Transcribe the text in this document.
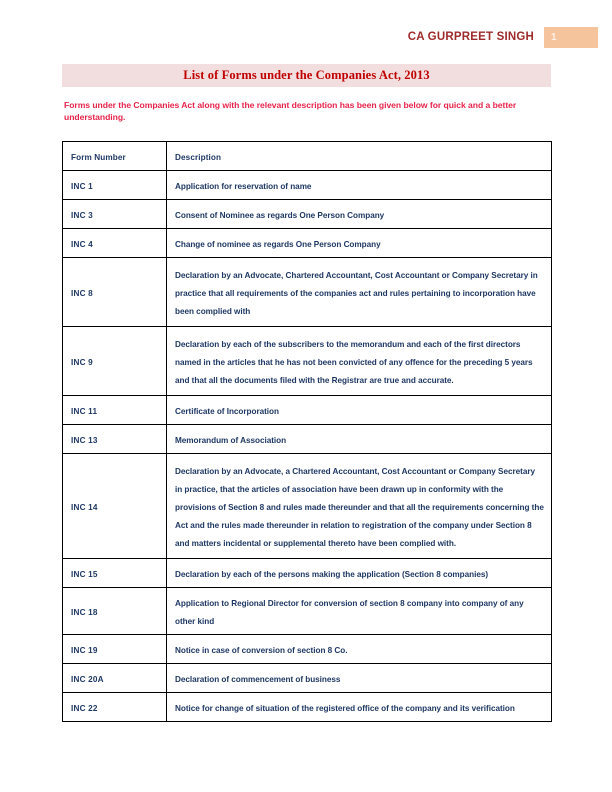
CA GURPREET SINGH	1
List of Forms under the Companies Act, 2013
Forms under the Companies Act along with the relevant description has been given below for quick and a better understanding.
Form Number	Description
INC 1	Application for reservation of name
INC 3	Consent of Nominee as regards One Person Company
INC 4	Change of nominee as regards One Person Company
INC 8	Declaration by an Advocate, Chartered Accountant, Cost Accountant or Company Secretary in practice that all requirements of the companies act and rules pertaining to incorporation have been complied with
INC 9	Declaration by each of the subscribers to the memorandum and each of the first directors named in the articles that he has not been convicted of any offence for the preceding 5 years and that all the documents filed with the Registrar are true and accurate.
INC 11	Certificate of Incorporation
INC 13	Memorandum of Association
INC 14	Declaration by an Advocate, a Chartered Accountant, Cost Accountant or Company Secretary in practice, that the articles of association have been drawn up in conformity with the provisions of Section 8 and rules made thereunder and that all the requirements concerning the Act and the rules made thereunder in relation to registration of the company under Section 8 and matters incidental or supplemental thereto have been complied with.
INC 15	Declaration by each of the persons making the application (Section 8 companies)
INC 18	Application to Regional Director for conversion of section 8 company into company of any other kind
INC 19	Notice in case of conversion of section 8 Co.
INC 20A	Declaration of commencement of business
INC 22	Notice for change of situation of the registered office of the company and its verification
